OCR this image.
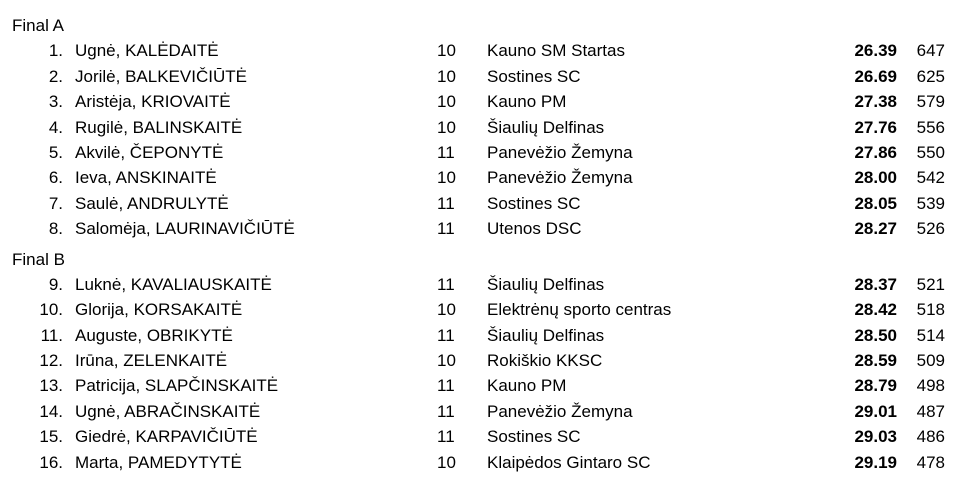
Final A
1. Ugnė, KALĖDAITĖ	10	Kauno SM Startas	26.39	647
2. Jorilė, BALKEVIČIŪTĖ	10	Sostines SC	26.69	625
3. Aristėja, KRIOVAITĖ	10	Kauno PM	27.38	579
4. Rugilė, BALINSKAITĖ	10	Šiaulių Delfinas	27.76	556
5. Akvilė, ČEPONYTĖ	11	Panevėžio Žemyna	27.86	550
6. Ieva, ANSKINAITĖ	10	Panevėžio Žemyna	28.00	542
7. Saulė, ANDRULYTĖ	11	Sostines SC	28.05	539
8. Salomėja, LAURINAVIČIŪTĖ	11	Utenos DSC	28.27	526
Final B
9. Luknė, KAVALIAUSKAITĖ	11	Šiaulių Delfinas	28.37	521
10. Glorija, KORSAKAITĖ	10	Elektrėnų sporto centras	28.42	518
11. Auguste, OBRIKYTĖ	11	Šiaulių Delfinas	28.50	514
12. Irūna, ZELENKAITĖ	10	Rokiškio KKSC	28.59	509
13. Patricija, SLAPČINSKAITĖ	11	Kauno PM	28.79	498
14. Ugnė, ABRAČINSKAITĖ	11	Panevėžio Žemyna	29.01	487
15. Giedrė, KARPAVIČIŪTĖ	11	Sostines SC	29.03	486
16. Marta, PAMEDYTYTĖ	10	Klaipėdos Gintaro SC	29.19	478
